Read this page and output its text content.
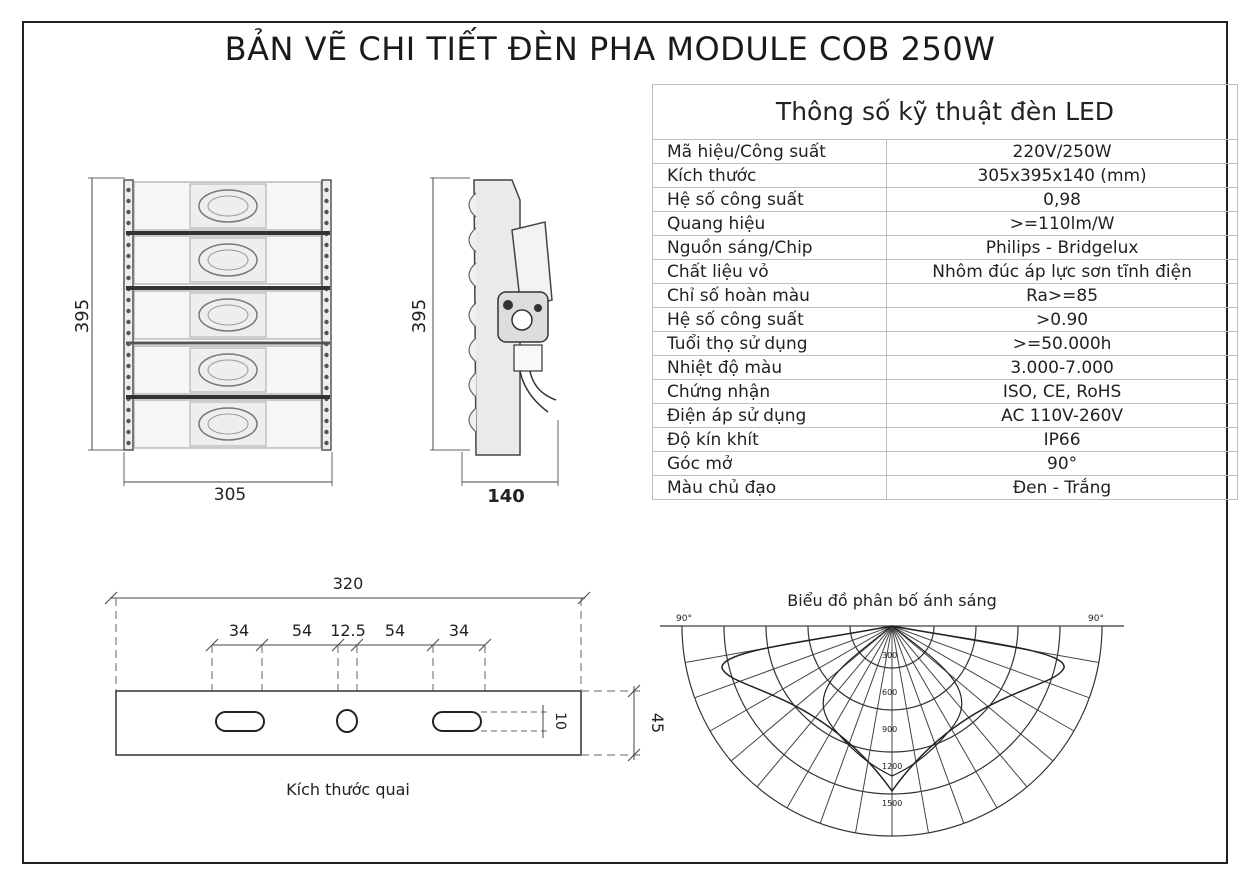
BẢN VẼ CHI TIẾT ĐÈN PHA MODULE COB 250W
Thông số kỹ thuật đèn LED	
Mã hiệu/Công suất	220V/250W
Kích thước	305x395x140 (mm)
Hệ số công suất	0,98
Quang hiệu	>=110lm/W
Nguồn sáng/Chip	Philips - Bridgelux
Chất liệu vỏ	Nhôm đúc áp lực sơn tĩnh điện
Chỉ số hoàn màu	Ra>=85
Hệ số công suất	>0.90
Tuổi thọ sử dụng	>=50.000h
Nhiệt độ màu	3.000-7.000
Chứng nhận	ISO, CE, RoHS
Điện áp sử dụng	AC 110V-260V
Độ kín khít	IP66
Góc mở	90°
Màu chủ đạo	Đen - Trắng
395
305
395
140
320
34	54 12.5 54	34
45
10
Kích thước quai
Biểu đồ phân bố ánh sáng
90°	90°
300
600
900
1200
1500
